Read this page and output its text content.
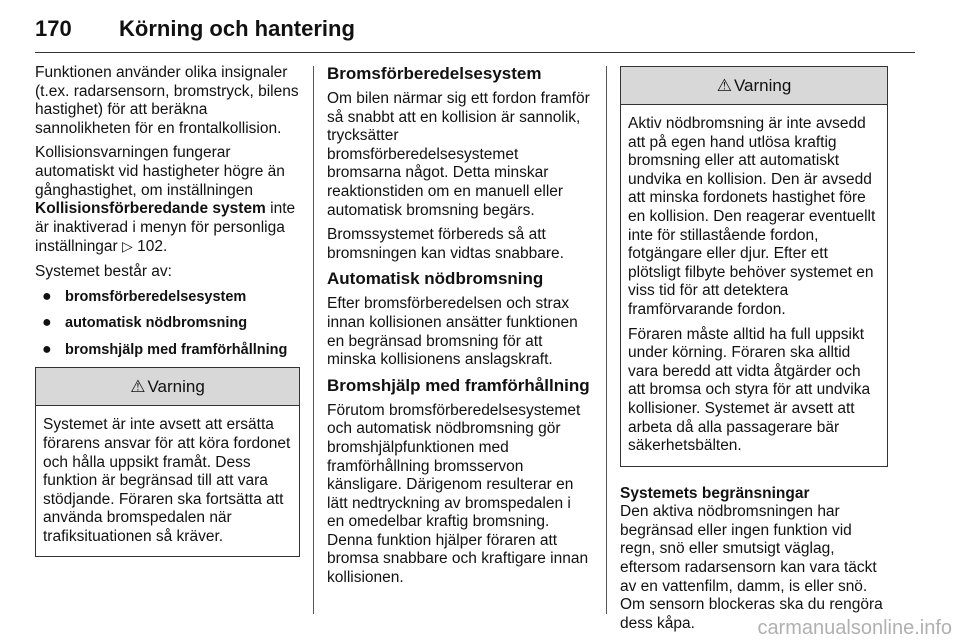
170 Körning och hantering

Funktionen använder olika insignaler (t.ex. radarsensorn, bromstryck, bilens hastighet) för att beräkna sannolikheten för en frontalkollision.

Kollisionsvarningen fungerar automatiskt vid hastigheter högre än gånghastighet, om inställningen Kollisionsförberedande system inte är inaktiverad i menyn för personliga inställningar ▷ 102.

Systemet består av:

● bromsförberedelsesystem
● automatisk nödbromsning
● bromshjälp med framförhållning
⚠ Varning

Systemet är inte avsett att ersätta förarens ansvar för att köra fordonet och hålla uppsikt framåt. Dess funktion är begränsad till att vara stödjande. Föraren ska fortsätta att använda bromspedalen när trafiksituationen så kräver.

Bromsförberedelsesystem

Om bilen närmar sig ett fordon framför så snabbt att en kollision är sannolik, trycksätter bromsförberedelsesystemet bromsarna något. Detta minskar reaktionstiden om en manuell eller automatisk bromsning begärs.

Bromssystemet förbereds så att bromsningen kan vidtas snabbare.

Automatisk nödbromsning

Efter bromsförberedelsen och strax innan kollisionen ansätter funktionen en begränsad bromsning för att minska kollisionens anslagskraft.

Bromshjälp med framförhållning

Förutom bromsförberedelsesystemet och automatisk nödbromsning gör bromshjälpfunktionen med framförhållning bromsservon känsligare. Därigenom resulterar en lätt nedtryckning av bromspedalen i en omedelbar kraftig bromsning. Denna funktion hjälper föraren att bromsa snabbare och kraftigare innan kollisionen.

⚠ Varning

Aktiv nödbromsning är inte avsedd att på egen hand utlösa kraftig bromsning eller att automatiskt undvika en kollision. Den är avsedd att minska fordonets hastighet före en kollision. Den reagerar eventuellt inte för stillastående fordon, fotgängare eller djur. Efter ett plötsligt filbyte behöver systemet en viss tid för att detektera framförvarande fordon.

Föraren måste alltid ha full uppsikt under körning. Föraren ska alltid vara beredd att vidta åtgärder och att bromsa och styra för att undvika kollisioner. Systemet är avsett att arbeta då alla passagerare bär säkerhetsbälten.

Systemets begränsningar

Den aktiva nödbromsningen har begränsad eller ingen funktion vid regn, snö eller smutsigt väglag, eftersom radarsensorn kan vara täckt av en vattenfilm, damm, is eller snö. Om sensorn blockeras ska du rengöra dess kåpa.	carmanualsonline.info
